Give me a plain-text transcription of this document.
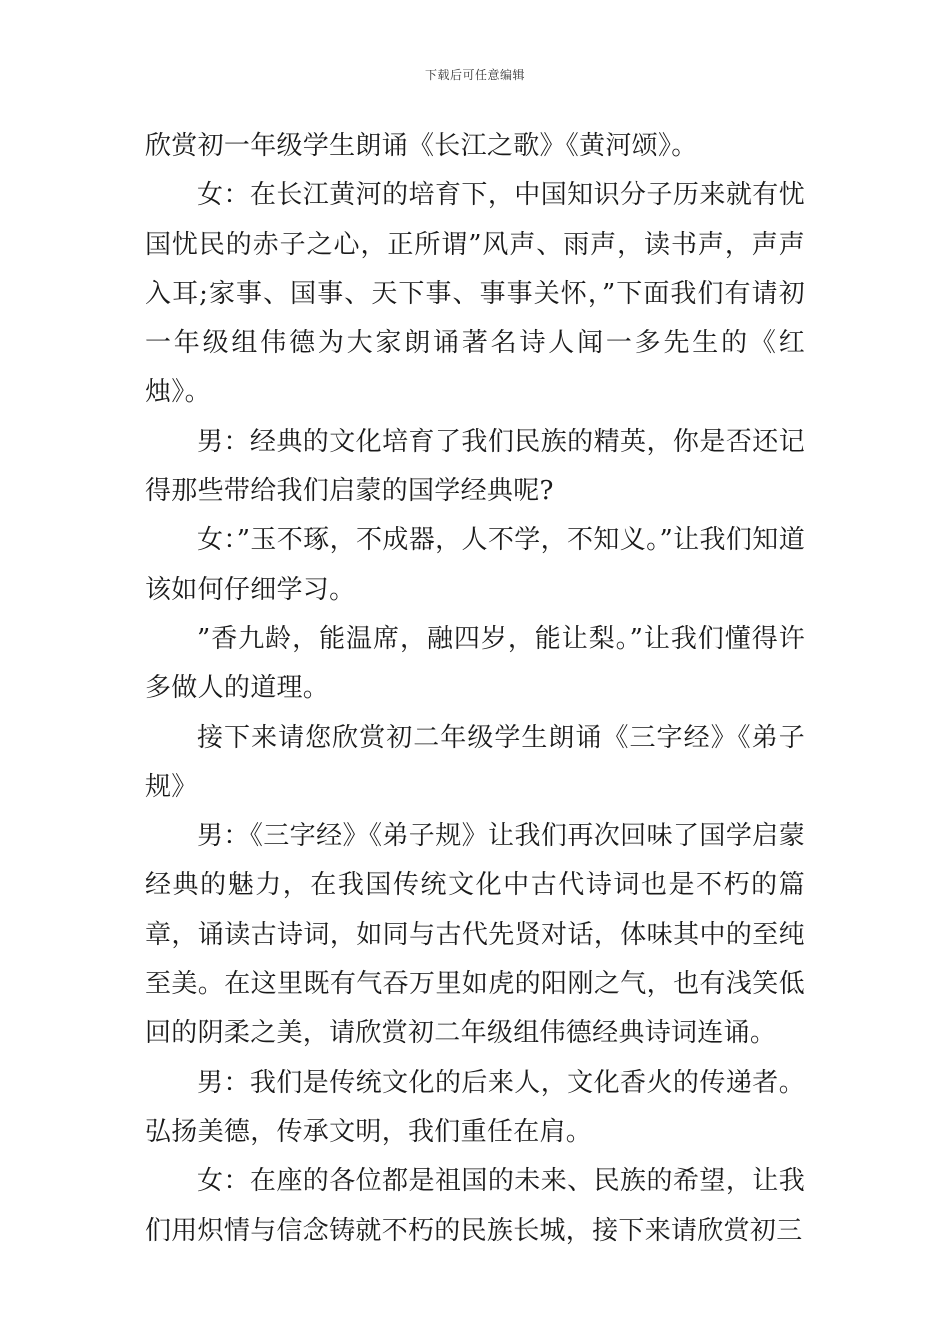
下载后可任意编辑

欣赏初一年级学生朗诵《长江之歌》《黄河颂》。

女：在长江黄河的培育下，中国知识分子历来就有忧国忧民的赤子之心，正所谓”风声、雨声，读书声，声声入耳;家事、国事、天下事、事事关怀，”下面我们有请初一年级组伟德为大家朗诵著名诗人闻一多先生的《红烛》。

男：经典的文化培育了我们民族的精英，你是否还记得那些带给我们启蒙的国学经典呢?

女：”玉不琢，不成器，人不学，不知义。”让我们知道该如何仔细学习。

”香九龄，能温席，融四岁，能让梨。”让我们懂得许多做人的道理。

接下来请您欣赏初二年级学生朗诵《三字经》《弟子规》

男：《三字经》《弟子规》让我们再次回味了国学启蒙经典的魅力，在我国传统文化中古代诗词也是不朽的篇章，诵读古诗词，如同与古代先贤对话，体味其中的至纯至美。在这里既有气吞万里如虎的阳刚之气，也有浅笑低回的阴柔之美，请欣赏初二年级组伟德经典诗词连诵。

男：我们是传统文化的后来人，文化香火的传递者。弘扬美德，传承文明，我们重任在肩。

女：在座的各位都是祖国的未来、民族的希望，让我们用炽情与信念铸就不朽的民族长城，接下来请欣赏初三
